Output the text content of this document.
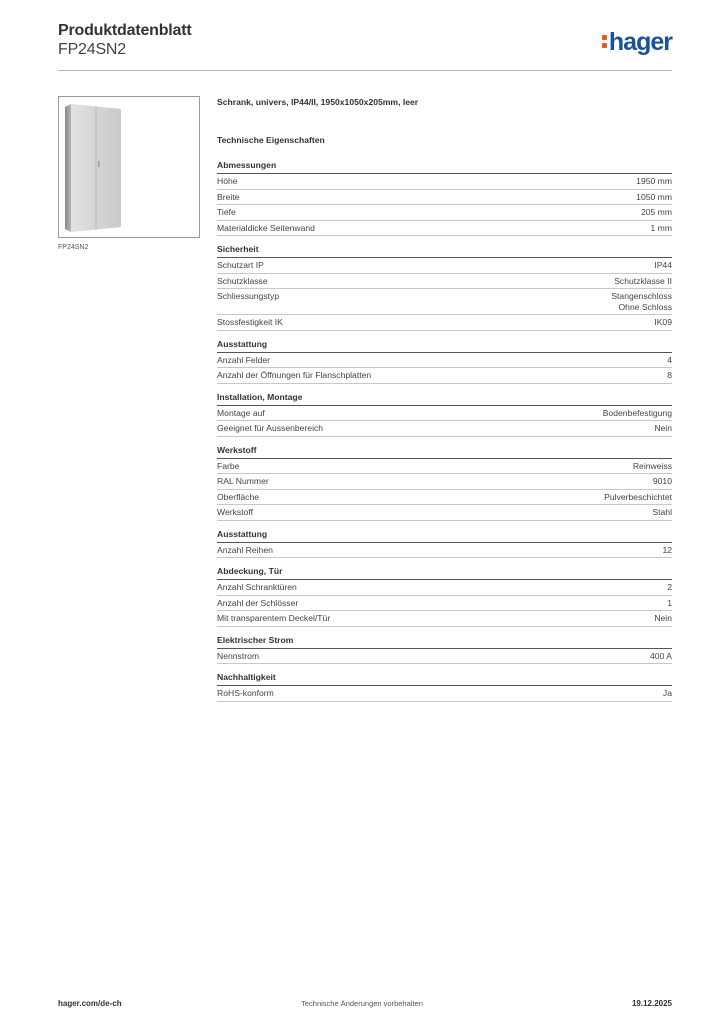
Produktdatenblatt
FP24SN2	hager
FP24SN2
Schrank, univers, IP44/II, 1950x1050x205mm, leer
Technische Eigenschaften
Abmessungen
Höhe	1950 mm
Breite	1050 mm
Tiefe	205 mm
Materialdicke Seitenwand	1 mm
Sicherheit
Schutzart IP	IP44
Schutzklasse	Schutzklasse II
Schliessungstyp	Stangenschloss
Ohne Schloss
Stossfestigkeit IK	IK09
Ausstattung
Anzahl Felder	4
Anzahl der Öffnungen für Flanschplatten	8
Installation, Montage
Montage auf	Bodenbefestigung
Geeignet für Aussenbereich	Nein
Werkstoff
Farbe	Reinweiss
RAL Nummer	9010
Oberfläche	Pulverbeschichtet
Werkstoff	Stahl
Ausstattung
Anzahl Reihen	12
Abdeckung, Tür
Anzahl Schranktüren	2
Anzahl der Schlösser	1
Mit transparentem Deckel/Tür	Nein
Elektrischer Strom
Nennstrom	400 A
Nachhaltigkeit
RoHS-konform	Ja
hager.com/de-ch	Technische Änderungen vorbehalten	19.12.2025
